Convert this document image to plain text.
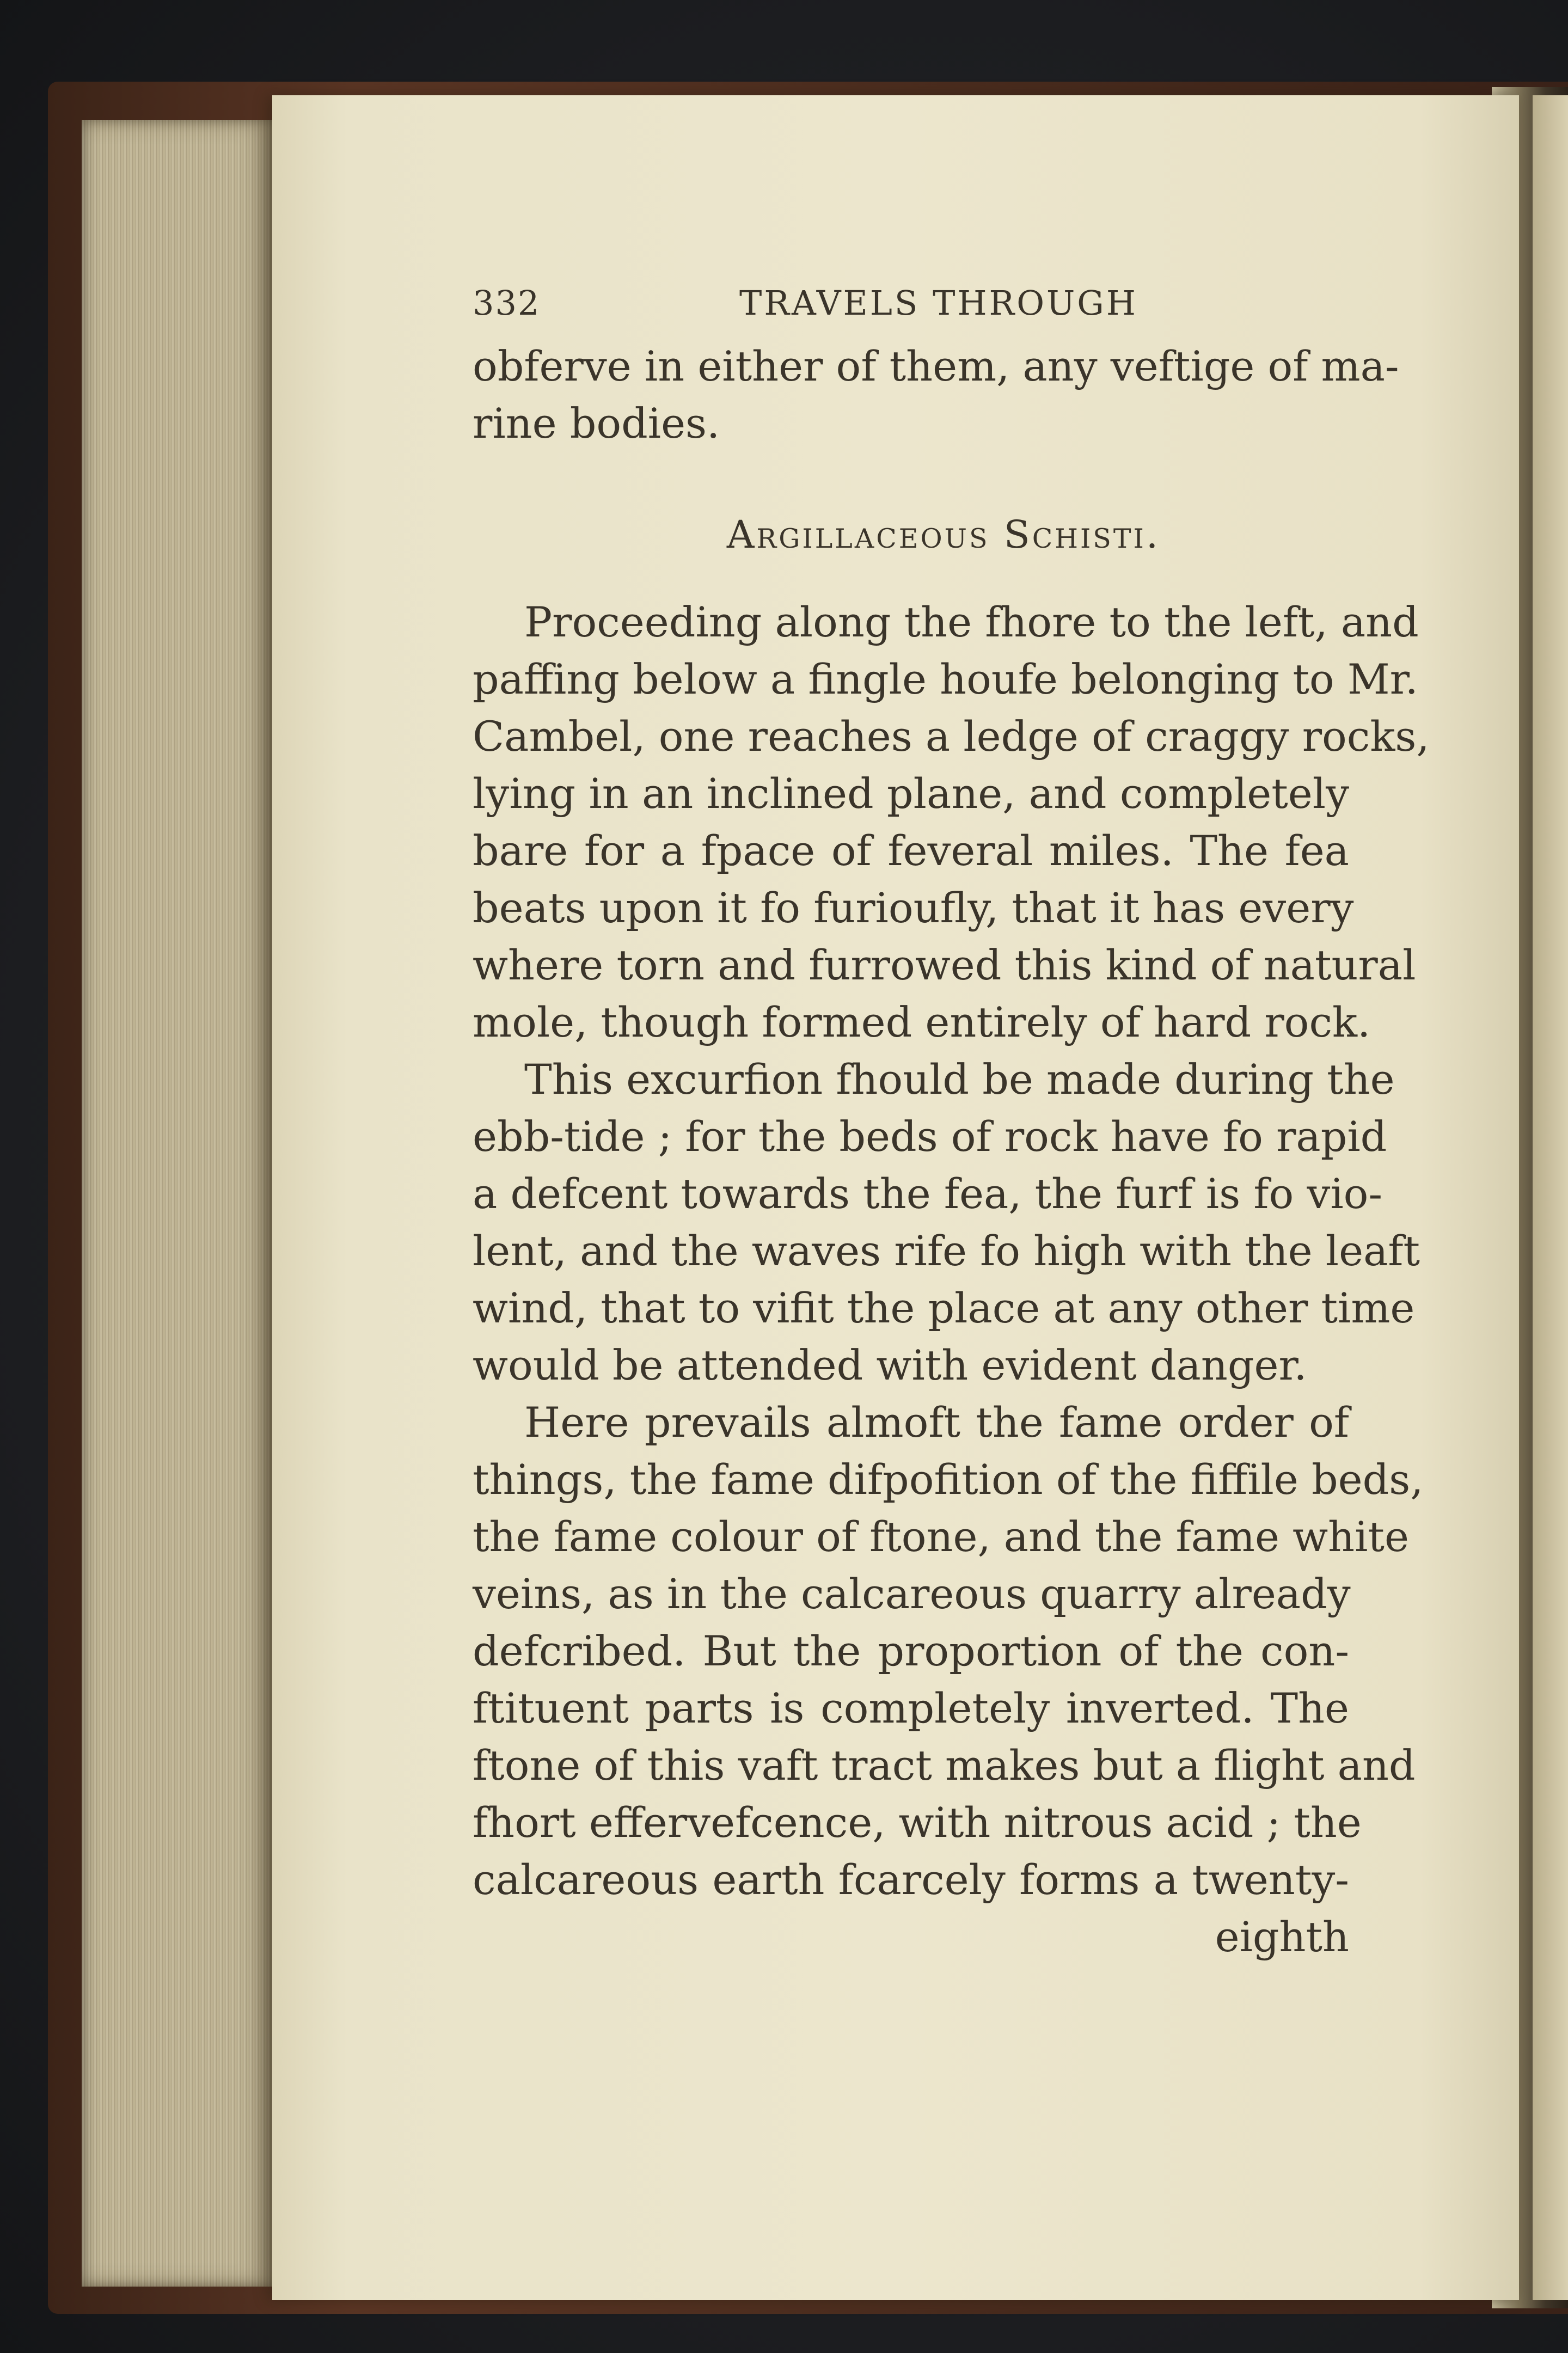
332	TRAVELS THROUGH
obferve in either of them, any veftige of ma-
rine bodies.
Argillaceous Schisti.
Proceeding along the fhore to the left, and
paffing below a fingle houfe belonging to Mr.
Cambel, one reaches a ledge of craggy rocks,
lying in an inclined plane, and completely
bare for a fpace of feveral miles. The fea
beats upon it fo furioufly, that it has every
where torn and furrowed this kind of natural
mole, though formed entirely of hard rock.
This excurfion fhould be made during the
ebb-tide ; for the beds of rock have fo rapid
a defcent towards the fea, the furf is fo vio-
lent, and the waves rife fo high with the leaft
wind, that to vifit the place at any other time
would be attended with evident danger.
Here prevails almoft the fame order of
things, the fame difpofition of the fiffile beds,
the fame colour of ftone, and the fame white
veins, as in the calcareous quarry already
defcribed. But the proportion of the con-
ftituent parts is completely inverted. The
ftone of this vaft tract makes but a flight and
fhort effervefcence, with nitrous acid ; the
calcareous earth fcarcely forms a twenty-
eighth
